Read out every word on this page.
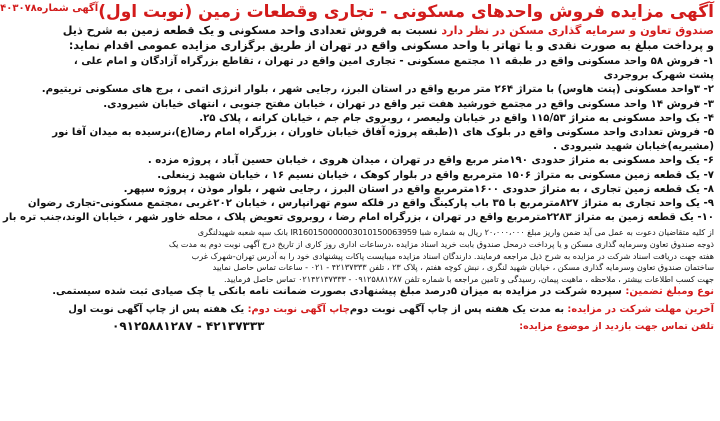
آگهی مزایده فروش واحدهای مسکونی - تجاری وقطعات زمین (نوبت اول)
آگهی شماره۴۰۳۰۷۸
صندوق تعاون و سرمایه گذاری مسکن در نظر دارد نسبت به فروش تعدادی واحد مسکونی و یک قطعه زمین به شرح ذیل
و پرداخت مبلغ به صورت نقدی و یا تهاتر با واحد مسکونی واقع در تهران از طریق برگزاری مزایده عمومی اقدام نماید:
۱- فروش ۵۸ واحد مسکونی واقع در طبقه ۱۱ مجتمع مسکونی - تجاری امین واقع در تهران ، تقاطع بزرگراه آزادگان و امام علی ،
پشت شهرک بروجردی
۲- ۳واحد مسکونی (پنت هاوس) با متراژ ۲۶۴ متر مربع واقع در استان البرز، رجایی شهر ، بلوار انرژی اتمی ، برج های مسکونی تریتیوم.
۳- فروش ۱۴ واحد مسکونی واقع در مجتمع خورشید هفت تیر واقع در تهران ، خیابان مفتح جنوبی ، انتهای خیابان شیرودی.
۴- یک واحد مسکونی به متراژ ۱۱۵/۵۳ واقع در خیابان ولیعصر ، روبروی جام جم ، خیابان کرانه ، پلاک ۲۵.
۵- فروش تعدادی واحد مسکونی واقع در بلوک های ۱(طبقه پروژه آفاق خیابان خاوران ، بزرگراه امام رضا(ع)،نرسیده به میدان آفا نور
(مشیریه)خیابان شهید شیرودی .
۶- یک واحد مسکونی به متراژ حدودی ۱۹۰متر مربع واقع در تهران ، میدان هروی ، خیابان حسین آباد ، پروژه مزده .
۷- یک قطعه زمین مسکونی به متراژ ۱۵۰۶ مترمربع واقع در بلوار کوهک ، خیابان نسیم ۱۶ ، خیابان شهید زینعلی.
۸- یک قطعه زمین تجاری ، به متراژ حدودی ۱۶۰۰مترمربع واقع در استان البرز ، رجایی شهر ، بلوار موذن ، پروژه سپهر.
۹- یک واحد تجاری به متراژ ۸۲۷مترمربع با ۳۵ باب پارکینگ واقع در فلکه سوم تهرانپارس ، خیابان ۲۰۲غربی ،مجتمع مسکونی-تجاری رضوان
۱۰- یک قطعه زمین به متراژ ۲۲۸۳مترمربع واقع در تهران ، بزرگراه امام رضا ، روبروی تعویض پلاک ، محله خاور شهر ، خیابان الوند،جنب تره بار
از کلیه متقاضیان دعوت به عمل می آید ضمن واریز مبلغ ۲۰،۰۰۰،۰۰۰ ریال به شماره شبا IR160150000003010150063959 بانک سپه شعبه شهیدلنگری
ذوجه صندوق تعاون وسرمایه گذاری مسکن و یا پرداخت درمحل صندوق بابت خرید اسناد مزایده ،درساعات اداری روز کاری از تاریخ درج آگهی نوبت دوم به مدت یک
هفته جهت دریافت اسناد شرکت در مزایده به شرح ذیل مراجعه فرمایند. دارندگان اسناد مزایده میبایست پاکات پیشنهادی خود را به آدرس تهران-شهرک غرب
ساختمان صندوق تعاون وسرمایه گذاری مسکن ، خیابان شهید لنگری ، نبش کوچه هفتم ، پلاک ۲۳ ، تلفن ۴۲۱۳۷۳۳۳ - ۰۲۱ - ساعات تماس حاصل نمایید
جهت کسب اطلاعات بیشتر ، ملاحظه ، ماهیت پیمان، رسیدگی و تامین مراجعه با شماره تلفن ۰۹۱۲۵۸۸۱۲۸۷ - ۰۲۱۴۲۱۳۷۳۳۳ تماس حاصل فرمایید.
نوع ومبلغ تضمین: سپرده شرکت در مزایده به میزان ۵درصد مبلغ پیشنهادی بصورت ضمانت نامه بانکی یا چک صیادی ثبت شده سیستمی.
آخرین مهلت شرکت در مزایده: به مدت یک هفته پس از چاپ آگهی نوبت دوم
چاپ آگهی نوبت دوم: یک هفته پس از چاپ آگهی نوبت اول
تلفن تماس جهت بازدید از موضوع مزایده:
۰۹۱۲۵۸۸۱۲۸۷ - ۴۲۱۳۷۳۳۳
